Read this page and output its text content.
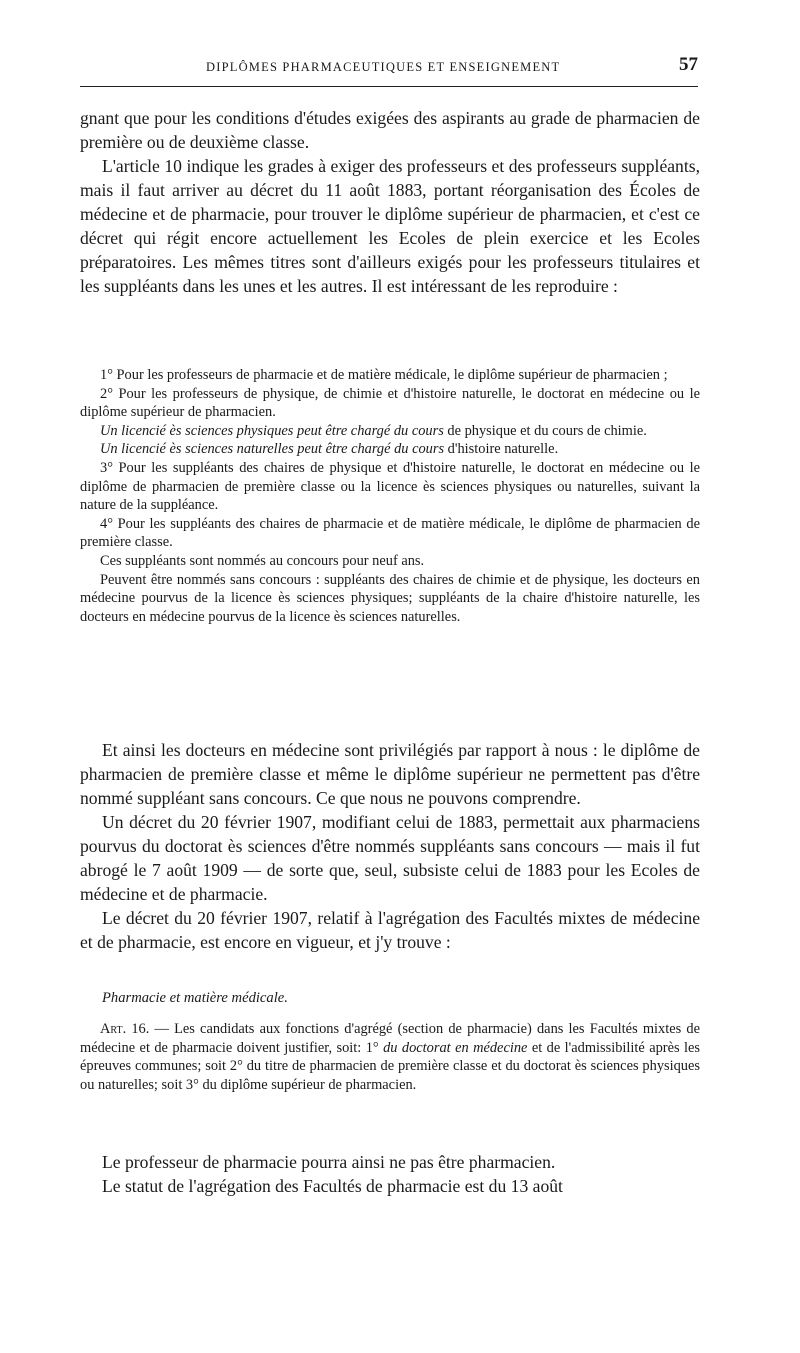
DIPLÔMES PHARMACEUTIQUES ET ENSEIGNEMENT	57

gnant que pour les conditions d'études exigées des aspirants au grade de pharmacien de première ou de deuxième classe.

L'article 10 indique les grades à exiger des professeurs et des professeurs suppléants, mais il faut arriver au décret du 11 août 1883, portant réorganisation des Écoles de médecine et de pharmacie, pour trouver le diplôme supérieur de pharmacien, et c'est ce décret qui régit encore actuellement les Ecoles de plein exercice et les Ecoles préparatoires. Les mêmes titres sont d'ailleurs exigés pour les professeurs titulaires et les suppléants dans les unes et les autres. Il est intéressant de les reproduire :

1° Pour les professeurs de pharmacie et de matière médicale, le diplôme supérieur de pharmacien ;

2° Pour les professeurs de physique, de chimie et d'histoire naturelle, le doctorat en médecine ou le diplôme supérieur de pharmacien.

Un licencié ès sciences physiques peut être chargé du cours de physique et du cours de chimie.

Un licencié ès sciences naturelles peut être chargé du cours d'histoire naturelle.

3° Pour les suppléants des chaires de physique et d'histoire naturelle, le doctorat en médecine ou le diplôme de pharmacien de première classe ou la licence ès sciences physiques ou naturelles, suivant la nature de la suppléance.

4° Pour les suppléants des chaires de pharmacie et de matière médicale, le diplôme de pharmacien de première classe.

Ces suppléants sont nommés au concours pour neuf ans.

Peuvent être nommés sans concours : suppléants des chaires de chimie et de physique, les docteurs en médecine pourvus de la licence ès sciences physiques; suppléants de la chaire d'histoire naturelle, les docteurs en médecine pourvus de la licence ès sciences naturelles.

Et ainsi les docteurs en médecine sont privilégiés par rapport à nous : le diplôme de pharmacien de première classe et même le diplôme supérieur ne permettent pas d'être nommé suppléant sans concours. Ce que nous ne pouvons comprendre.

Un décret du 20 février 1907, modifiant celui de 1883, permettait aux pharmaciens pourvus du doctorat ès sciences d'être nommés suppléants sans concours — mais il fut abrogé le 7 août 1909 — de sorte que, seul, subsiste celui de 1883 pour les Ecoles de médecine et de pharmacie.

Le décret du 20 février 1907, relatif à l'agrégation des Facultés mixtes de médecine et de pharmacie, est encore en vigueur, et j'y trouve :

Pharmacie et matière médicale.

Art. 16. — Les candidats aux fonctions d'agrégé (section de pharmacie) dans les Facultés mixtes de médecine et de pharmacie doivent justifier, soit: 1° du doctorat en médecine et de l'admissibilité après les épreuves communes; soit 2° du titre de pharmacien de première classe et du doctorat ès sciences physiques ou naturelles; soit 3° du diplôme supérieur de pharmacien.

Le professeur de pharmacie pourra ainsi ne pas être pharmacien.

Le statut de l'agrégation des Facultés de pharmacie est du 13 août
